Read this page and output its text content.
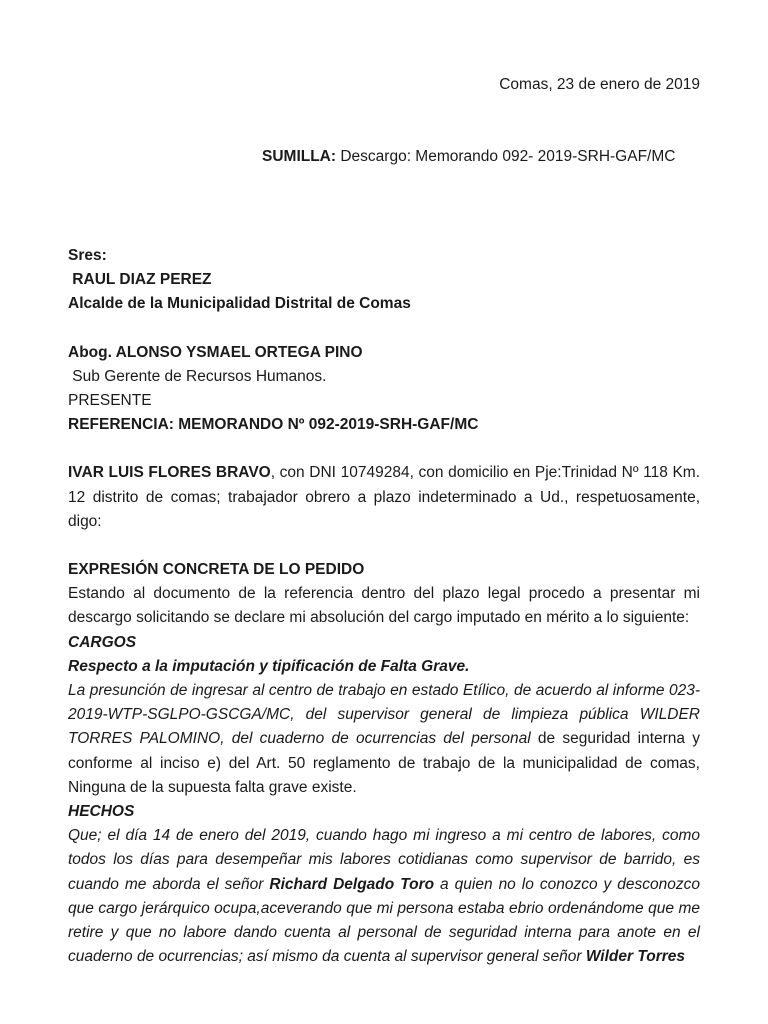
Comas, 23 de enero de 2019
SUMILLA: Descargo: Memorando 092- 2019-SRH-GAF/MC
Sres:
RAUL DIAZ PEREZ
Alcalde de la Municipalidad Distrital de Comas
Abog. ALONSO YSMAEL ORTEGA PINO
Sub Gerente de Recursos Humanos.
PRESENTE
REFERENCIA: MEMORANDO Nº 092-2019-SRH-GAF/MC
IVAR LUIS FLORES BRAVO, con DNI 10749284, con domicilio en Pje:Trinidad Nº 118 Km. 12 distrito de comas; trabajador obrero a plazo indeterminado a Ud., respetuosamente, digo:
EXPRESIÓN CONCRETA DE LO PEDIDO
Estando al documento de la referencia dentro del plazo legal procedo a presentar mi descargo solicitando se declare mi absolución del cargo imputado en mérito a lo siguiente:
CARGOS
Respecto a la imputación y tipificación de Falta Grave.
La presunción de ingresar al centro de trabajo en estado Etílico, de acuerdo al informe 023-2019-WTP-SGLPO-GSCGA/MC, del supervisor general de limpieza pública WILDER TORRES PALOMINO, del cuaderno de ocurrencias del personal de seguridad interna y conforme al inciso e) del Art. 50 reglamento de trabajo de la municipalidad de comas, Ninguna de la supuesta falta grave existe.
HECHOS
Que; el día 14 de enero del 2019, cuando hago mi ingreso a mi centro de labores, como todos los días para desempeñar mis labores cotidianas como supervisor de barrido, es cuando me aborda el señor Richard Delgado Toro a quien no lo conozco y desconozco que cargo jerárquico ocupa,aceverando que mi persona estaba ebrio ordenándome que me retire y que no labore dando cuenta al personal de seguridad interna para anote en el cuaderno de ocurrencias; así mismo da cuenta al supervisor general señor Wilder Torres
